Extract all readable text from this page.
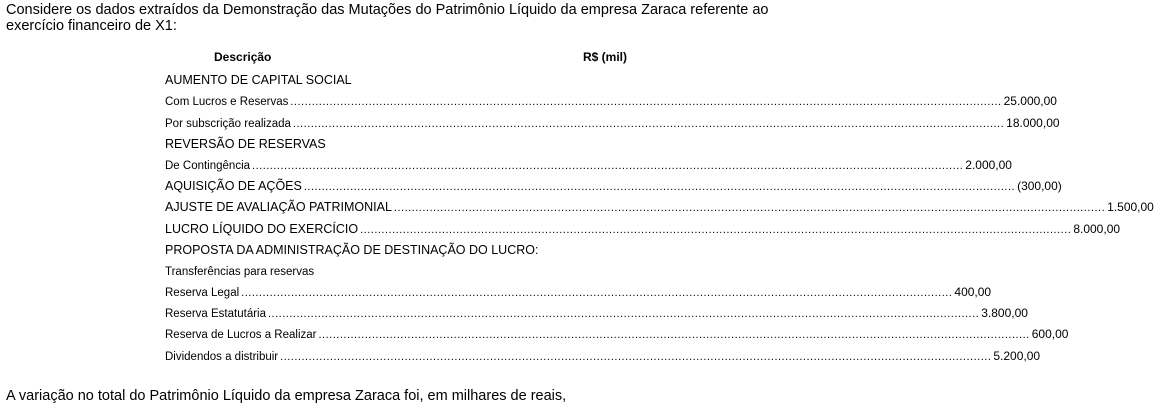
Considere os dados extraídos da Demonstração das Mutações do Patrimônio Líquido da empresa Zaraca referente ao exercício financeiro de X1:
Descrição	R$ (mil)
AUMENTO DE CAPITAL SOCIAL
Com Lucros e Reservas ........................................................................................................................................................................................................ 25.000,00
Por subscrição realizada ........................................................................................................................................................................................................ 18.000,00
REVERSÃO DE RESERVAS
De Contingência ........................................................................................................................................................................................................ 2.000,00
AQUISIÇÃO DE AÇÕES ........................................................................................................................................................................................................ (300,00)
AJUSTE DE AVALIAÇÃO PATRIMONIAL ........................................................................................................................................................................................................ 1.500,00
LUCRO LÍQUIDO DO EXERCÍCIO ........................................................................................................................................................................................................ 8.000,00
PROPOSTA DA ADMINISTRAÇÃO DE DESTINAÇÃO DO LUCRO:
Transferências para reservas
Reserva Legal ........................................................................................................................................................................................................ 400,00
Reserva Estatutária ........................................................................................................................................................................................................ 3.800,00
Reserva de Lucros a Realizar ........................................................................................................................................................................................................ 600,00
Dividendos a distribuir ........................................................................................................................................................................................................ 5.200,00
A variação no total do Patrimônio Líquido da empresa Zaraca foi, em milhares de reais,
